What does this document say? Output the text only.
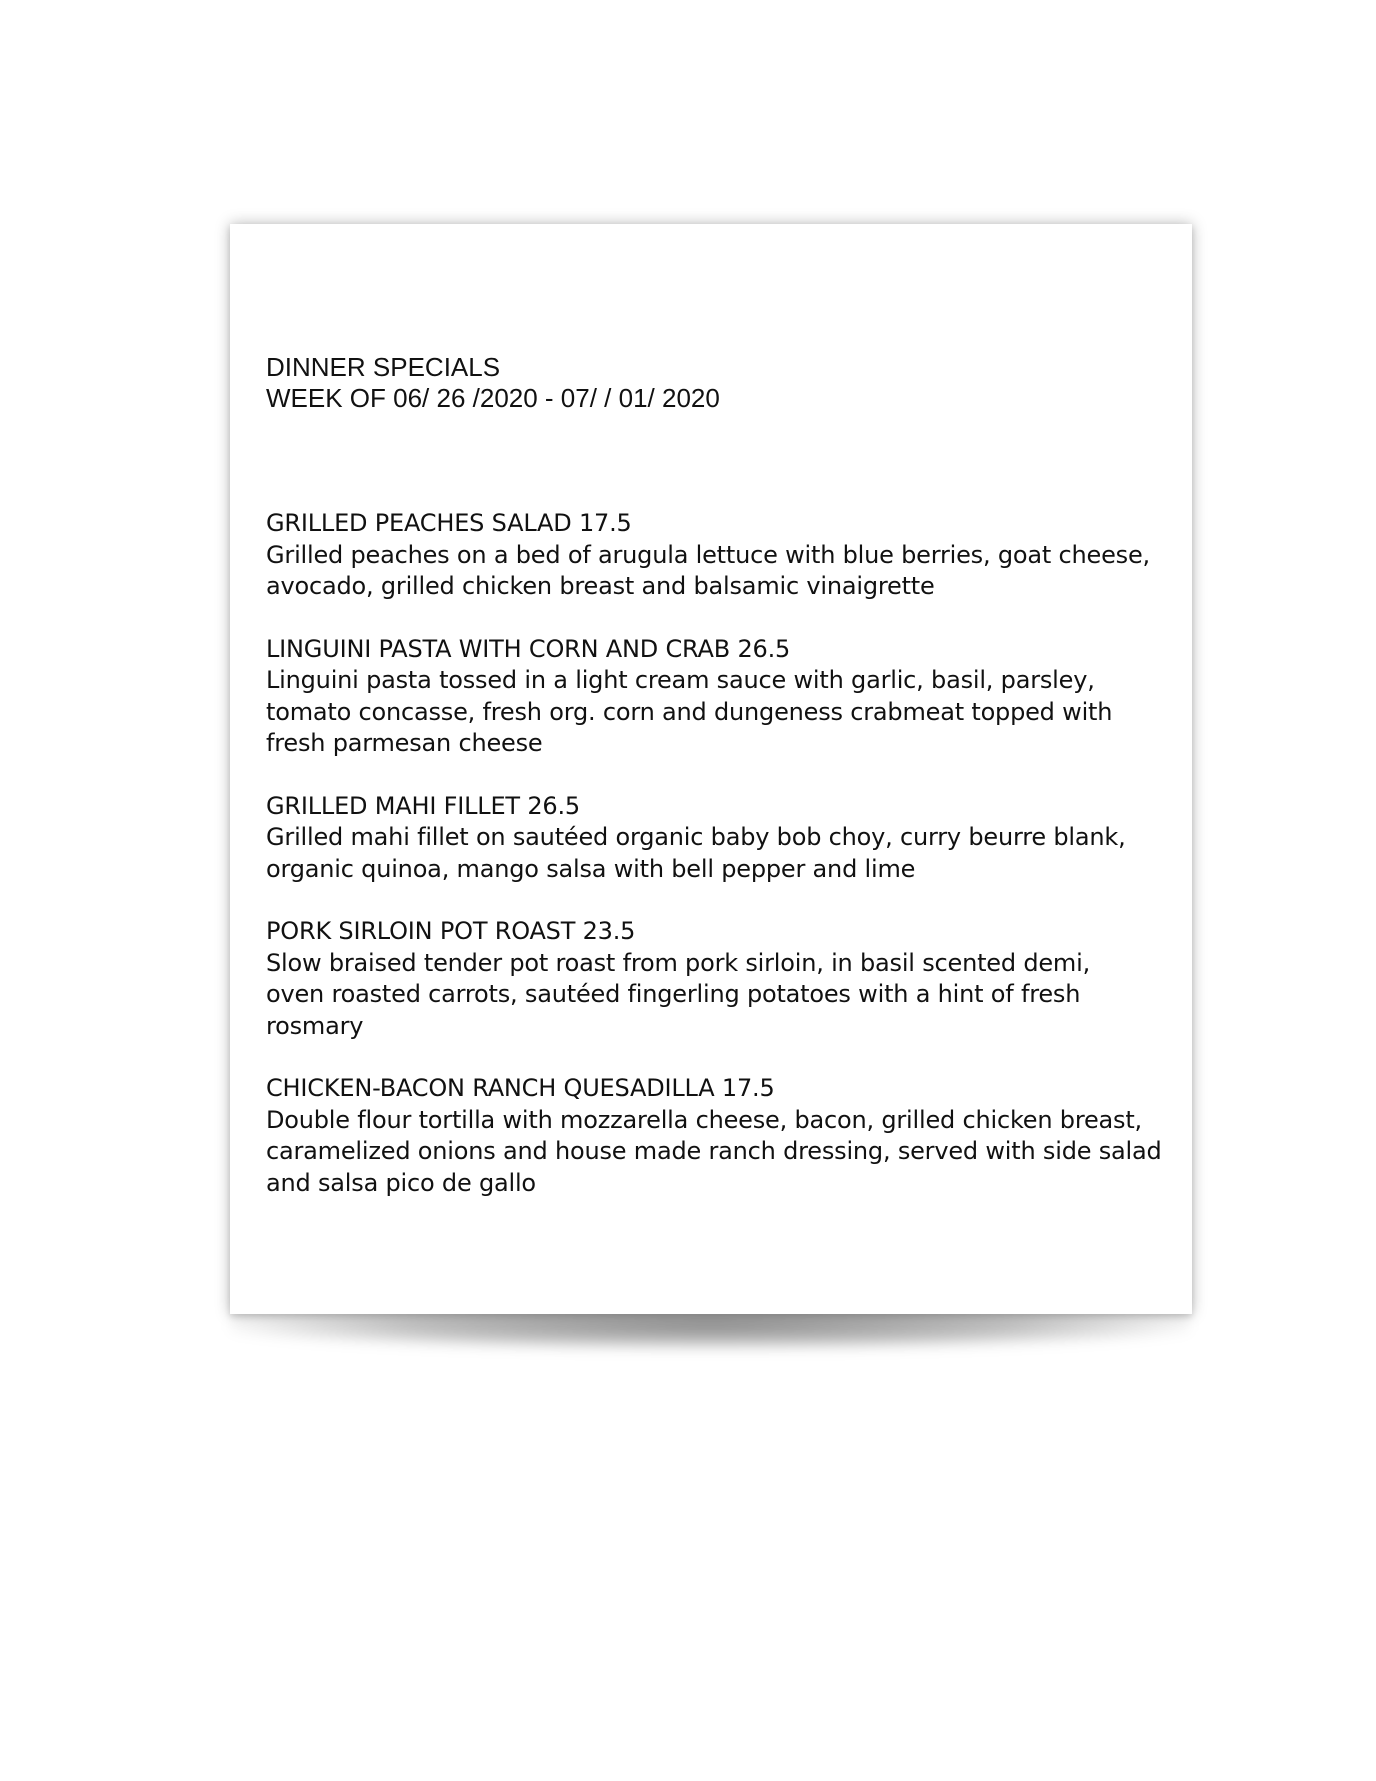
DINNER SPECIALS
WEEK OF 06/ 26 /2020 - 07/ / 01/ 2020
GRILLED PEACHES SALAD 17.5
Grilled peaches on a bed of arugula lettuce with blue berries, goat cheese,
avocado, grilled chicken breast and balsamic vinaigrette
LINGUINI PASTA WITH CORN AND CRAB 26.5
Linguini pasta tossed in a light cream sauce with garlic, basil, parsley,
tomato concasse, fresh org. corn and dungeness crabmeat topped with
fresh parmesan cheese
GRILLED MAHI FILLET 26.5
Grilled mahi fillet on sautéed organic baby bob choy, curry beurre blank,
organic quinoa, mango salsa with bell pepper and lime
PORK SIRLOIN POT ROAST 23.5
Slow braised tender pot roast from pork sirloin, in basil scented demi,
oven roasted carrots, sautéed fingerling potatoes with a hint of fresh
rosmary
CHICKEN-BACON RANCH QUESADILLA 17.5
Double flour tortilla with mozzarella cheese, bacon, grilled chicken breast,
caramelized onions and house made ranch dressing, served with side salad
and salsa pico de gallo
